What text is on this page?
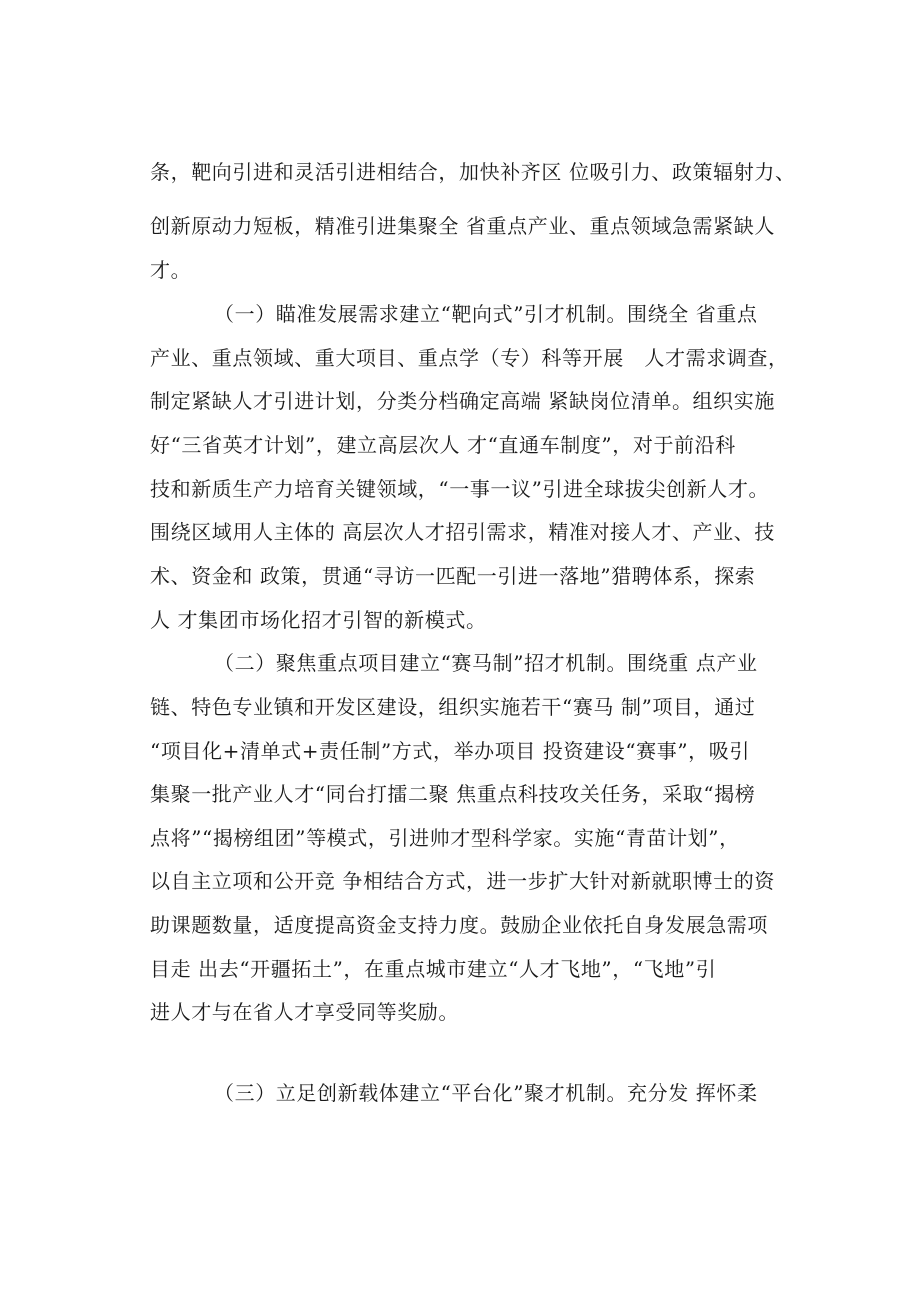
条，靶向引进和灵活引进相结合，加快补齐区 位吸引力、政策辐射力、
创新原动力短板，精准引进集聚全 省重点产业、重点领域急需紧缺人
才。
（一）瞄准发展需求建立“靶向式”引才机制。围绕全 省重点
产业、重点领域、重大项目、重点学（专）科等开展　人才需求调查，
制定紧缺人才引进计划，分类分档确定高端 紧缺岗位清单。组织实施
好“三省英才计划”，建立高层次人 才“直通车制度”，对于前沿科
技和新质生产力培育关键领域，“一事一议”引进全球拔尖创新人才。
围绕区域用人主体的 高层次人才招引需求，精准对接人才、产业、技
术、资金和 政策，贯通“寻访一匹配一引进一落地”猎聘体系，探索
人 才集团市场化招才引智的新模式。
（二）聚焦重点项目建立“赛马制”招才机制。围绕重 点产业
链、特色专业镇和开发区建设，组织实施若干“赛马 制”项目，通过
“项目化+清单式+责任制”方式，举办项目 投资建设“赛事”，吸引
集聚一批产业人才“同台打擂二聚 焦重点科技攻关任务，采取“揭榜
点将”“揭榜组团”等模式，引进帅才型科学家。实施“青苗计划”，
以自主立项和公开竞 争相结合方式，进一步扩大针对新就职博士的资
助课题数量，适度提高资金支持力度。鼓励企业依托自身发展急需项
目走 出去“开疆拓土”，在重点城市建立“人才飞地”，“飞地”引
进人才与在省人才享受同等奖励。
（三）立足创新载体建立“平台化”聚才机制。充分发 挥怀柔
